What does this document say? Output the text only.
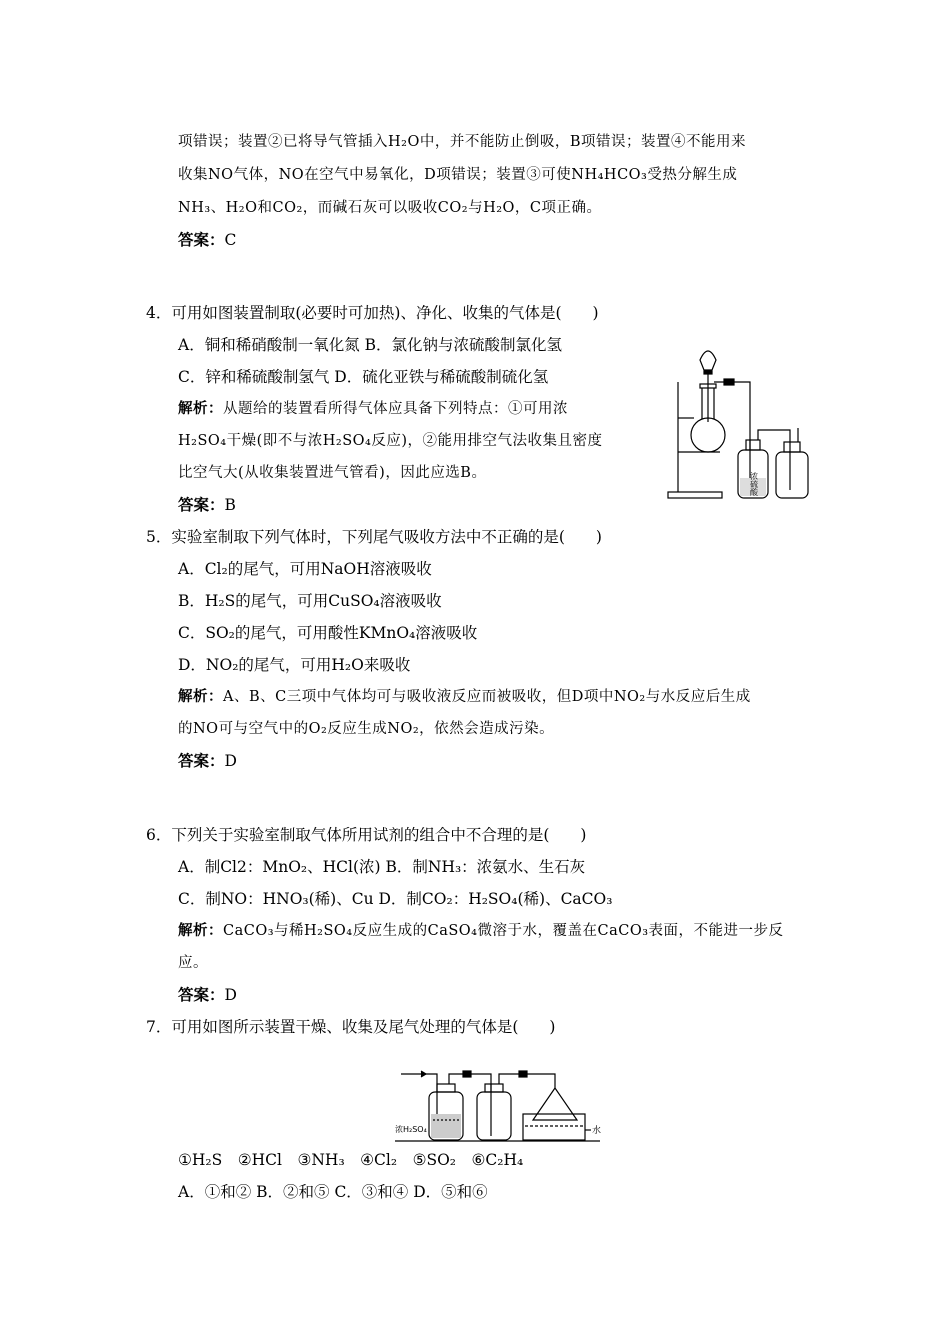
项错误；装置②已将导气管插入H₂O中，并不能防止倒吸，B项错误；装置④不能用来
收集NO气体，NO在空气中易氧化，D项错误；装置③可使NH₄HCO₃受热分解生成
NH₃、H₂O和CO₂，而碱石灰可以吸收CO₂与H₂O，C项正确。
答案：C
4．可用如图装置制取(必要时可加热)、净化、收集的气体是(　　)
A．铜和稀硝酸制一氧化氮 B．氯化钠与浓硫酸制氯化氢
C．锌和稀硫酸制氢气 D．硫化亚铁与稀硫酸制硫化氢
解析：从题给的装置看所得气体应具备下列特点：①可用浓
H₂SO₄干燥(即不与浓H₂SO₄反应)，②能用排空气法收集且密度
比空气大(从收集装置进气管看)，因此应选B。
答案：B
浓硫酸
5．实验室制取下列气体时，下列尾气吸收方法中不正确的是(　　)
A．Cl₂的尾气，可用NaOH溶液吸收
B．H₂S的尾气，可用CuSO₄溶液吸收
C．SO₂的尾气，可用酸性KMnO₄溶液吸收
D．NO₂的尾气，可用H₂O来吸收
解析：A、B、C三项中气体均可与吸收液反应而被吸收，但D项中NO₂与水反应后生成
的NO可与空气中的O₂反应生成NO₂，依然会造成污染。
答案：D
6．下列关于实验室制取气体所用试剂的组合中不合理的是(　　)
A．制Cl2：MnO₂、HCl(浓) B．制NH₃：浓氨水、生石灰
C．制NO：HNO₃(稀)、Cu D．制CO₂：H₂SO₄(稀)、CaCO₃
解析：CaCO₃与稀H₂SO₄反应生成的CaSO₄微溶于水，覆盖在CaCO₃表面，不能进一步反
应。
答案：D
7．可用如图所示装置干燥、收集及尾气处理的气体是(　　)
浓H₂SO₄	水
①H₂S　②HCl　③NH₃　④Cl₂　⑤SO₂　⑥C₂H₄
A．①和② B．②和⑤ C．③和④ D．⑤和⑥
